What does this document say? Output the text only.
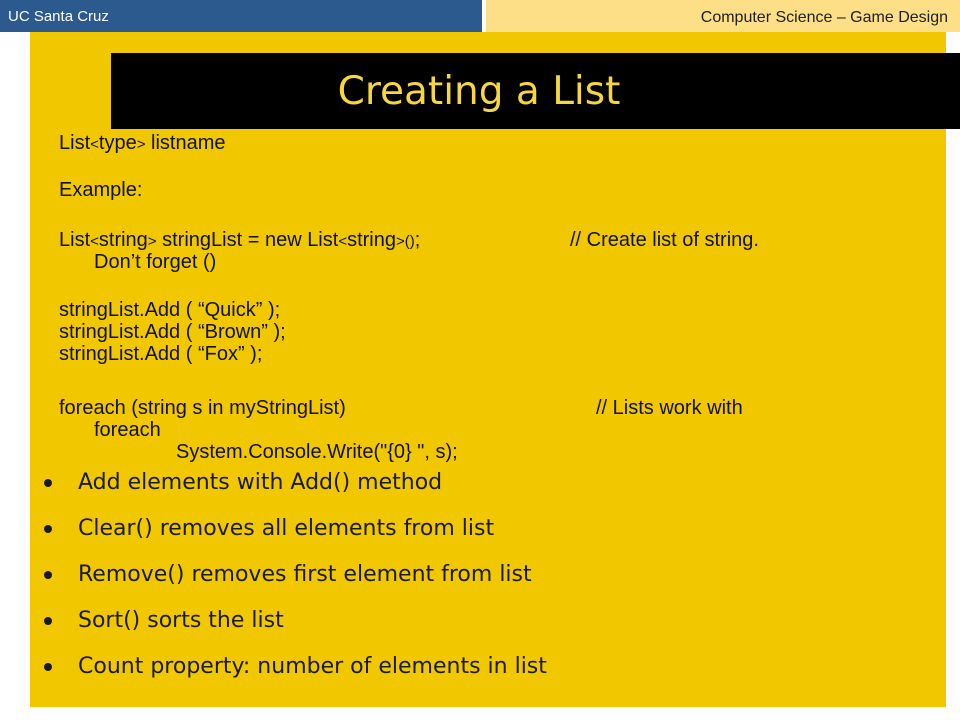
UC Santa Cruz	Computer Science – Game Design
Creating a List
List<type> listname
Example:
List<string> stringList = new List<string>();	// Create list of string.
Don’t forget ()
stringList.Add ( “Quick” );
stringList.Add ( “Brown” );
stringList.Add ( “Fox” );
foreach (string s in myStringList)	// Lists work with
foreach
System.Console.Write("{0} ", s);
Add elements with Add() method
Clear() removes all elements from list
Remove() removes first element from list
Sort() sorts the list
Count property: number of elements in list
